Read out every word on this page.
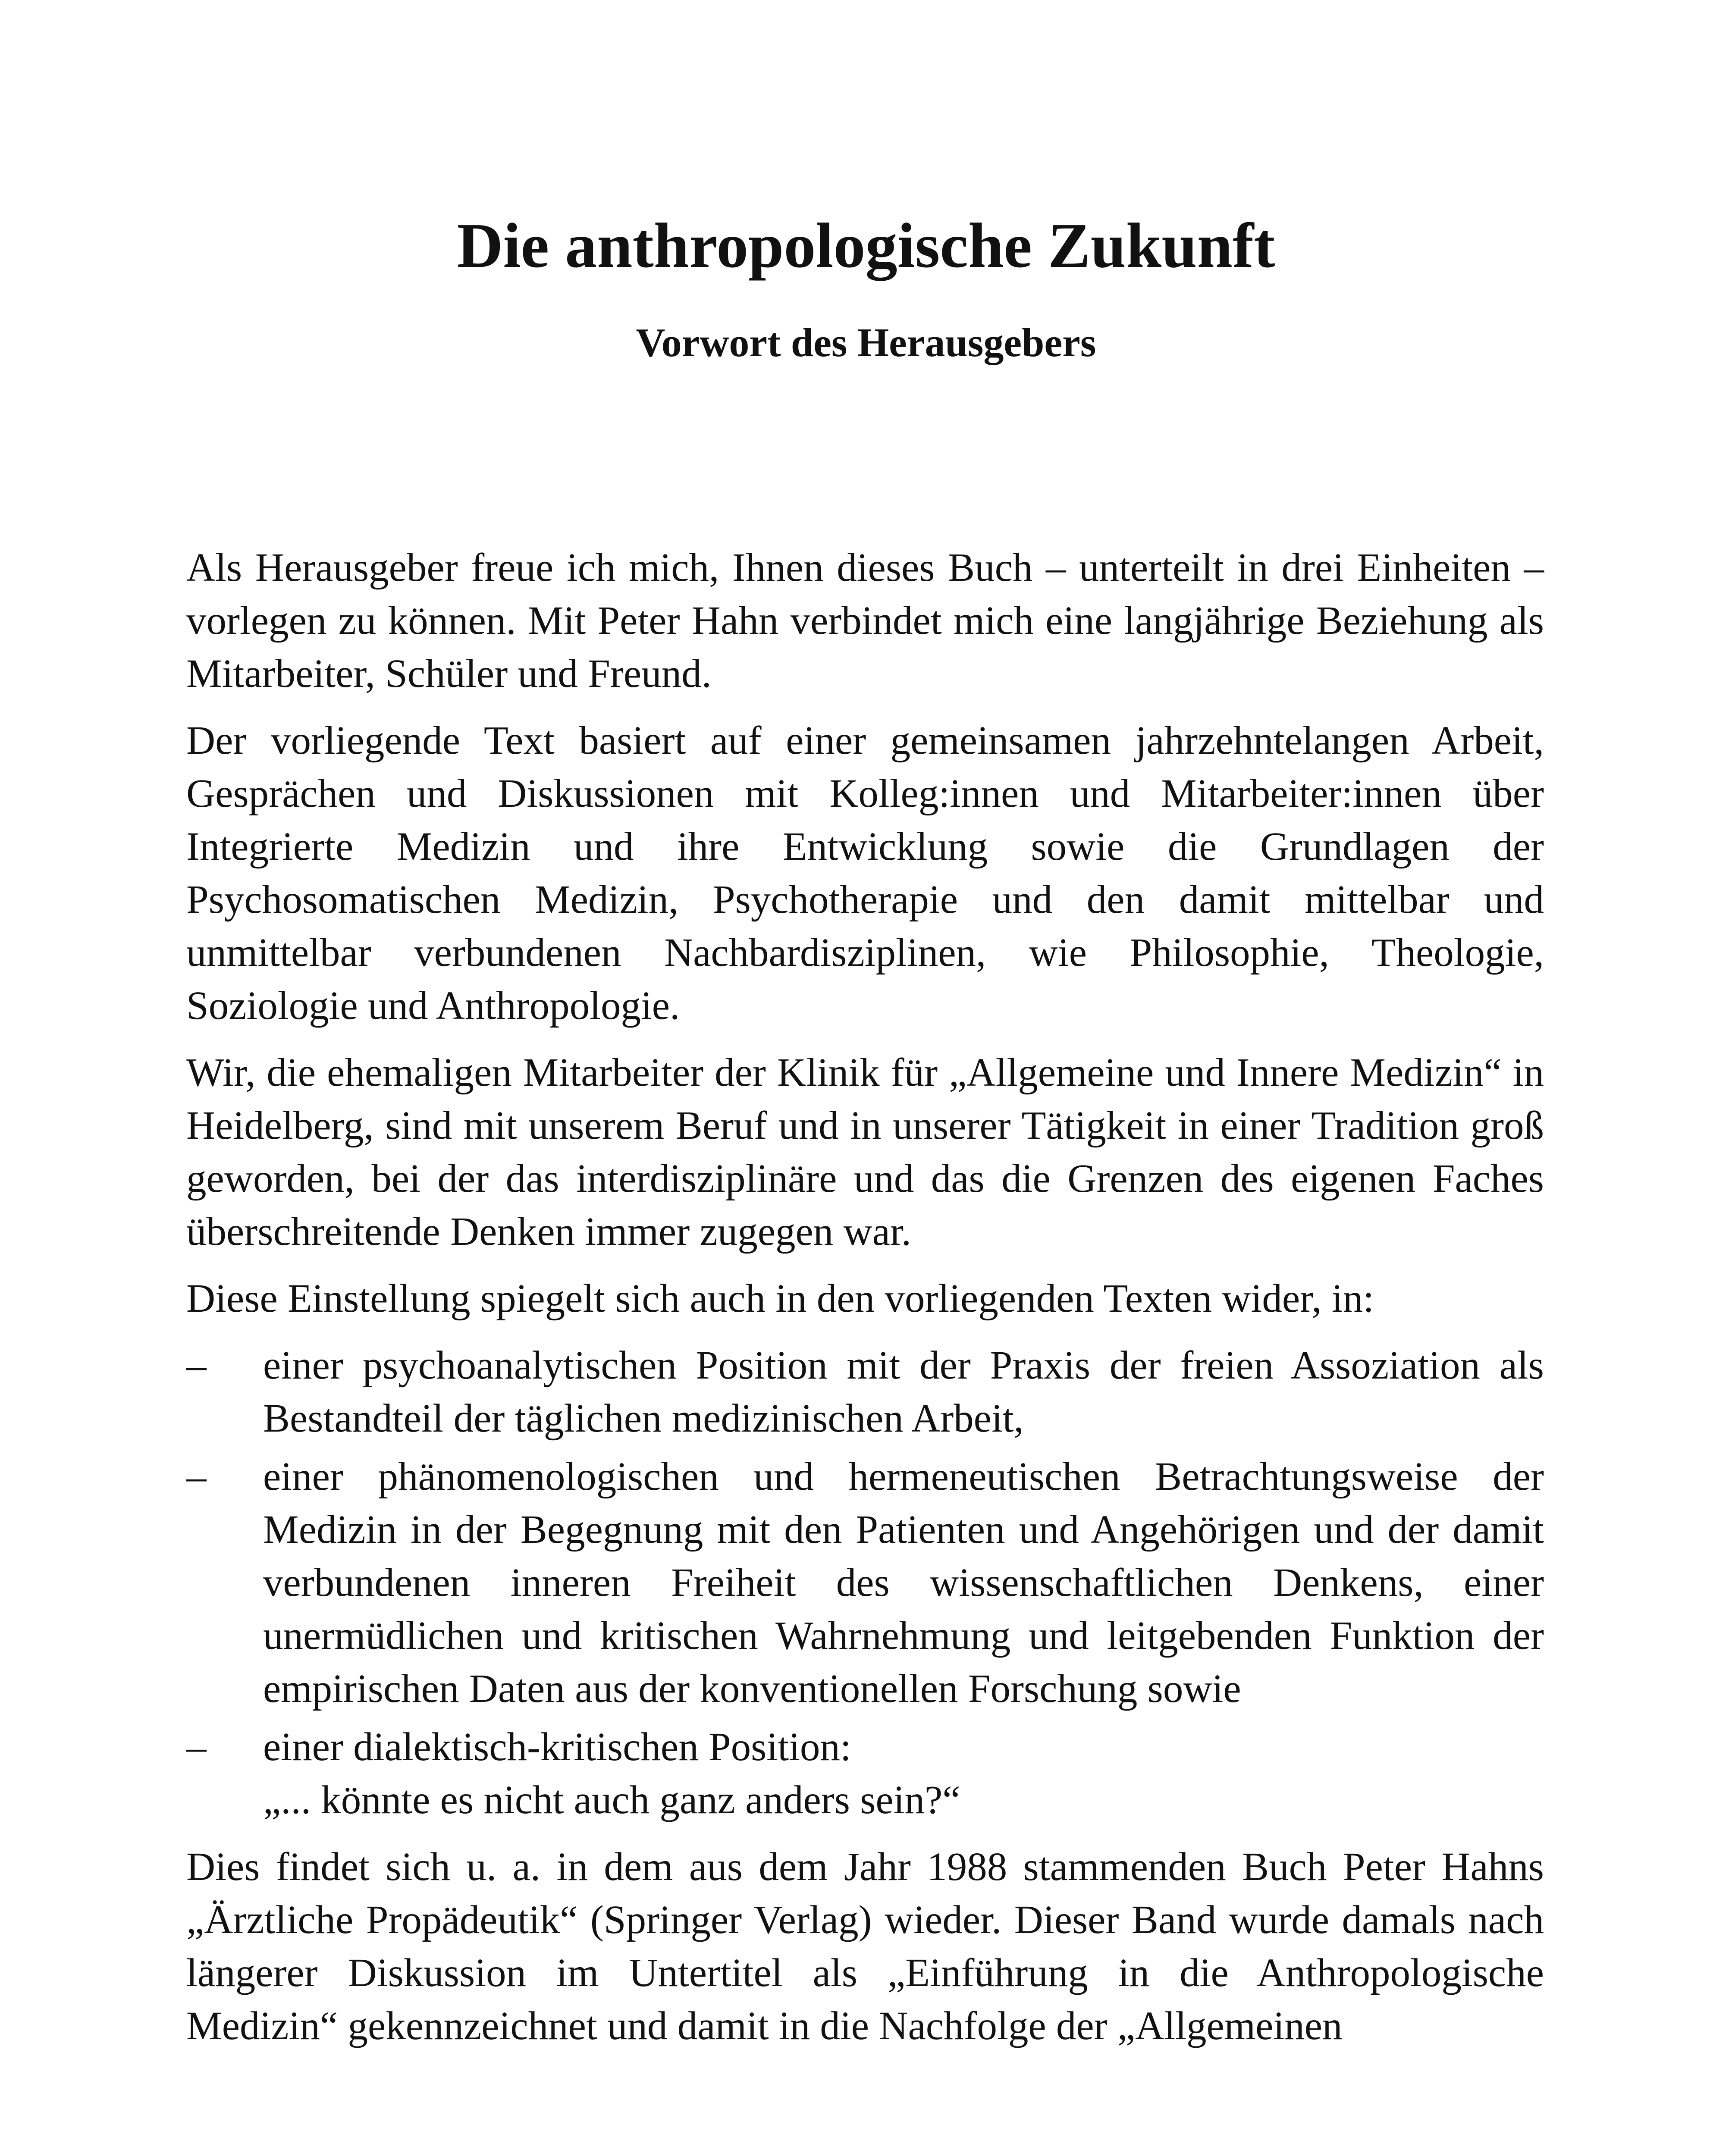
Die anthropologische Zukunft
Vorwort des Herausgebers

Als Herausgeber freue ich mich, Ihnen dieses Buch – unterteilt in drei Einheiten – vorlegen zu können. Mit Peter Hahn verbindet mich eine langjährige Beziehung als Mitarbeiter, Schüler und Freund.

Der vorliegende Text basiert auf einer gemeinsamen jahrzehntelangen Arbeit, Gesprächen und Diskussionen mit Kolleg:innen und Mitarbeiter:innen über Integrierte Medizin und ihre Entwicklung sowie die Grundlagen der Psychosomatischen Medizin, Psychotherapie und den damit mittelbar und unmittelbar verbundenen Nachbardisziplinen, wie Philosophie, Theologie, Soziologie und Anthropologie.

Wir, die ehemaligen Mitarbeiter der Klinik für „Allgemeine und Innere Medizin“ in Heidelberg, sind mit unserem Beruf und in unserer Tätigkeit in einer Tradition groß geworden, bei der das interdisziplinäre und das die Grenzen des eigenen Faches überschreitende Denken immer zugegen war.

Diese Einstellung spiegelt sich auch in den vorliegenden Texten wider, in:

– einer psychoanalytischen Position mit der Praxis der freien Assoziation als Bestandteil der täglichen medizinischen Arbeit,
– einer phänomenologischen und hermeneutischen Betrachtungsweise der Medizin in der Begegnung mit den Patienten und Angehörigen und der damit verbundenen inneren Freiheit des wissenschaftlichen Denkens, einer unermüdlichen und kritischen Wahrnehmung und leitgebenden Funktion der empirischen Daten aus der konventionellen Forschung sowie
– einer dialektisch-kritischen Position:
„... könnte es nicht auch ganz anders sein?“

Dies findet sich u. a. in dem aus dem Jahr 1988 stammenden Buch Peter Hahns „Ärztliche Propädeutik“ (Springer Verlag) wieder. Dieser Band wurde damals nach längerer Diskussion im Untertitel als „Einführung in die Anthropologische Medizin“ gekennzeichnet und damit in die Nachfolge der „Allgemeinen
